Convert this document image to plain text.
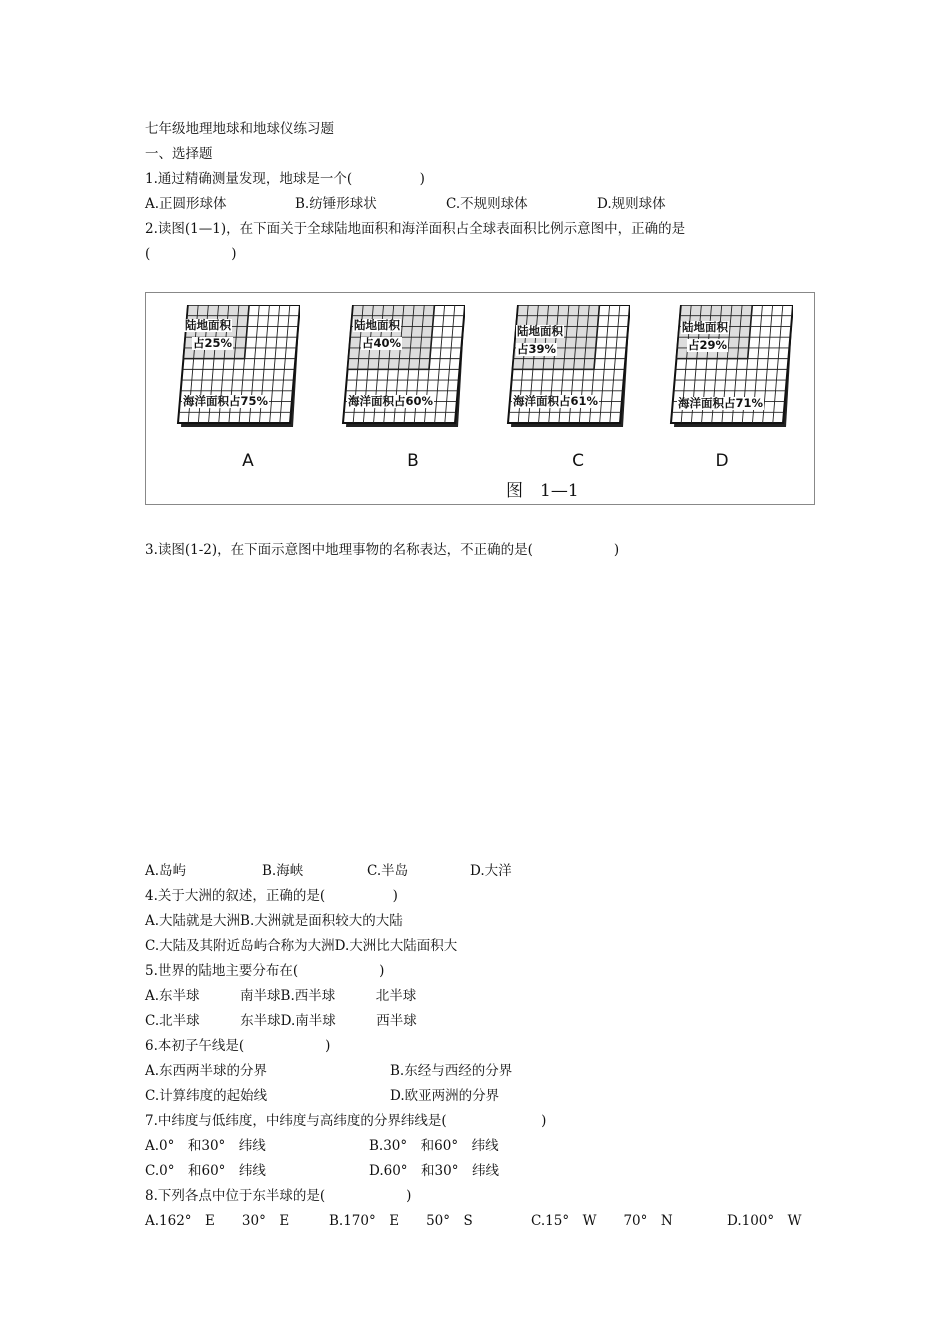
七年级地理地球和地球仪练习题
一、选择题
1.通过精确测量发现，地球是一个(　　　　　)
A.正圆形球体	B.纺锤形球状	C.不规则球体	D.规则球体
2.读图(1—1)，在下面关于全球陆地面积和海洋面积占全球表面积比例示意图中，正确的是
(　　　　　　)
陆地面积
占25%
海洋面积占75%
陆地面积
占40%
海洋面积占60%
陆地面积
占39%
海洋面积占61%
陆地面积
占29%
海洋面积占71%
A	B	C	D
图　1—1
3.读图(1-2)，在下面示意图中地理事物的名称表达，不正确的是(　　　　　　)
A.岛屿	B.海峡	C.半岛	D.大洋
4.关于大洲的叙述，正确的是(　　　　　)
A.大陆就是大洲B.大洲就是面积较大的大陆
C.大陆及其附近岛屿合称为大洲D.大洲比大陆面积大
5.世界的陆地主要分布在(　　　　　　)
A.东半球　　　南半球B.西半球　　　北半球
C.北半球　　　东半球D.南半球　　　西半球
6.本初子午线是(　　　　　　)
A.东西两半球的分界	B.东经与西经的分界
C.计算纬度的起始线	D.欧亚两洲的分界
7.中纬度与低纬度，中纬度与高纬度的分界纬线是(　　　　　　　)
A.0°　和30°　纬线	B.30°　和60°　纬线
C.0°　和60°　纬线	D.60°　和30°　纬线
8.下列各点中位于东半球的是(　　　　　　)
A.162°　E　　30°　E	B.170°　E　　50°　S	C.15°　W　　70°　N	D.100°　W
